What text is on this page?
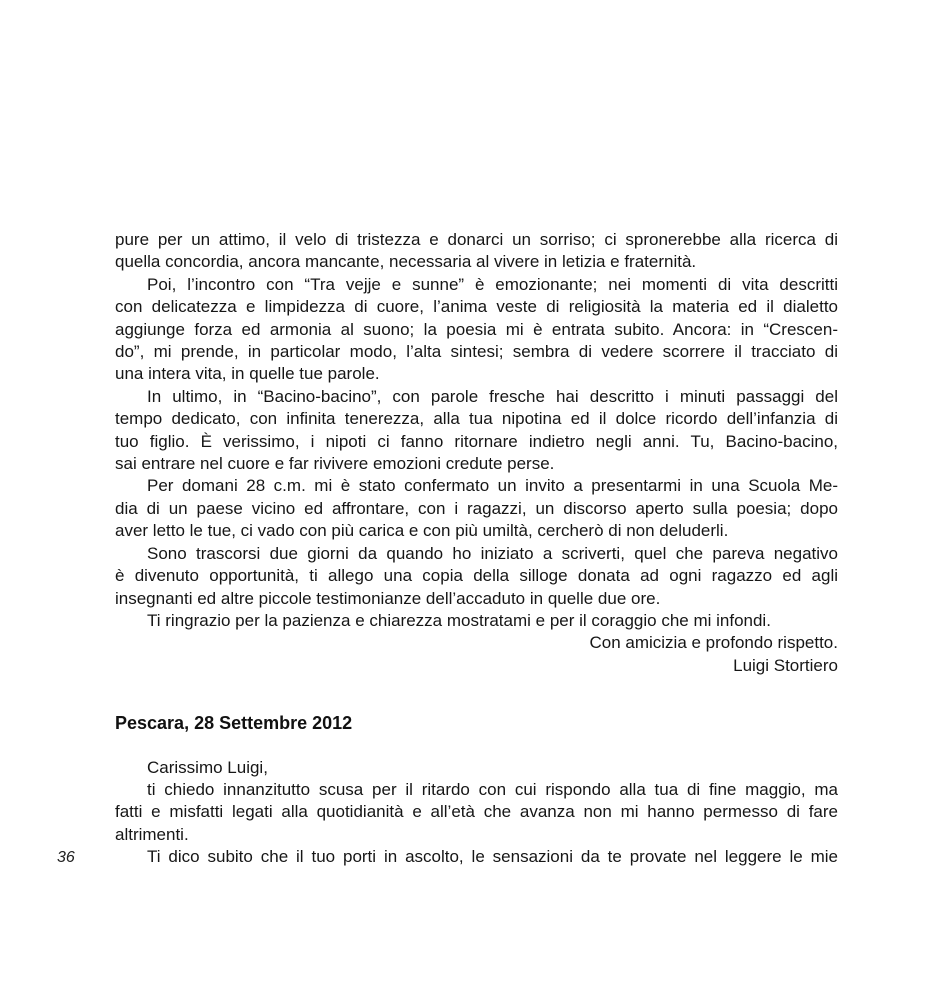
36
pure per un attimo, il velo di tristezza e donarci un sorriso; ci spronerebbe alla ricerca di
quella concordia, ancora mancante, necessaria al vivere in letizia e fraternità.
Poi, l’incontro con “Tra vejje e sunne” è emozionante; nei momenti di vita descritti
con delicatezza e limpidezza di cuore, l’anima veste di religiosità la materia ed il dialetto
aggiunge forza ed armonia al suono; la poesia mi è entrata subito. Ancora: in “Crescen-
do”, mi prende, in particolar modo, l’alta sintesi; sembra di vedere scorrere il tracciato di
una intera vita, in quelle tue parole.
In ultimo, in “Bacino-bacino”, con parole fresche hai descritto i minuti passaggi del
tempo dedicato, con infinita tenerezza, alla tua nipotina ed il dolce ricordo dell’infanzia di
tuo figlio. È verissimo, i nipoti ci fanno ritornare indietro negli anni. Tu, Bacino-bacino,
sai entrare nel cuore e far rivivere emozioni credute perse.
Per domani 28 c.m. mi è stato confermato un invito a presentarmi in una Scuola Me-
dia di un paese vicino ed affrontare, con i ragazzi, un discorso aperto sulla poesia; dopo
aver letto le tue, ci vado con più carica e con più umiltà, cercherò di non deluderli.
Sono trascorsi due giorni da quando ho iniziato a scriverti, quel che pareva negativo
è divenuto opportunità, ti allego una copia della silloge donata ad ogni ragazzo ed agli
insegnanti ed altre piccole testimonianze dell’accaduto in quelle due ore.
Ti ringrazio per la pazienza e chiarezza mostratami e per il coraggio che mi infondi.
Con amicizia e profondo rispetto.
Luigi Stortiero
Pescara, 28 Settembre 2012
Carissimo Luigi,
ti chiedo innanzitutto scusa per il ritardo con cui rispondo alla tua di fine maggio, ma
fatti e misfatti legati alla quotidianità e all’età che avanza non mi hanno permesso di fare
altrimenti.
Ti dico subito che il tuo porti in ascolto, le sensazioni da te provate nel leggere le mie
